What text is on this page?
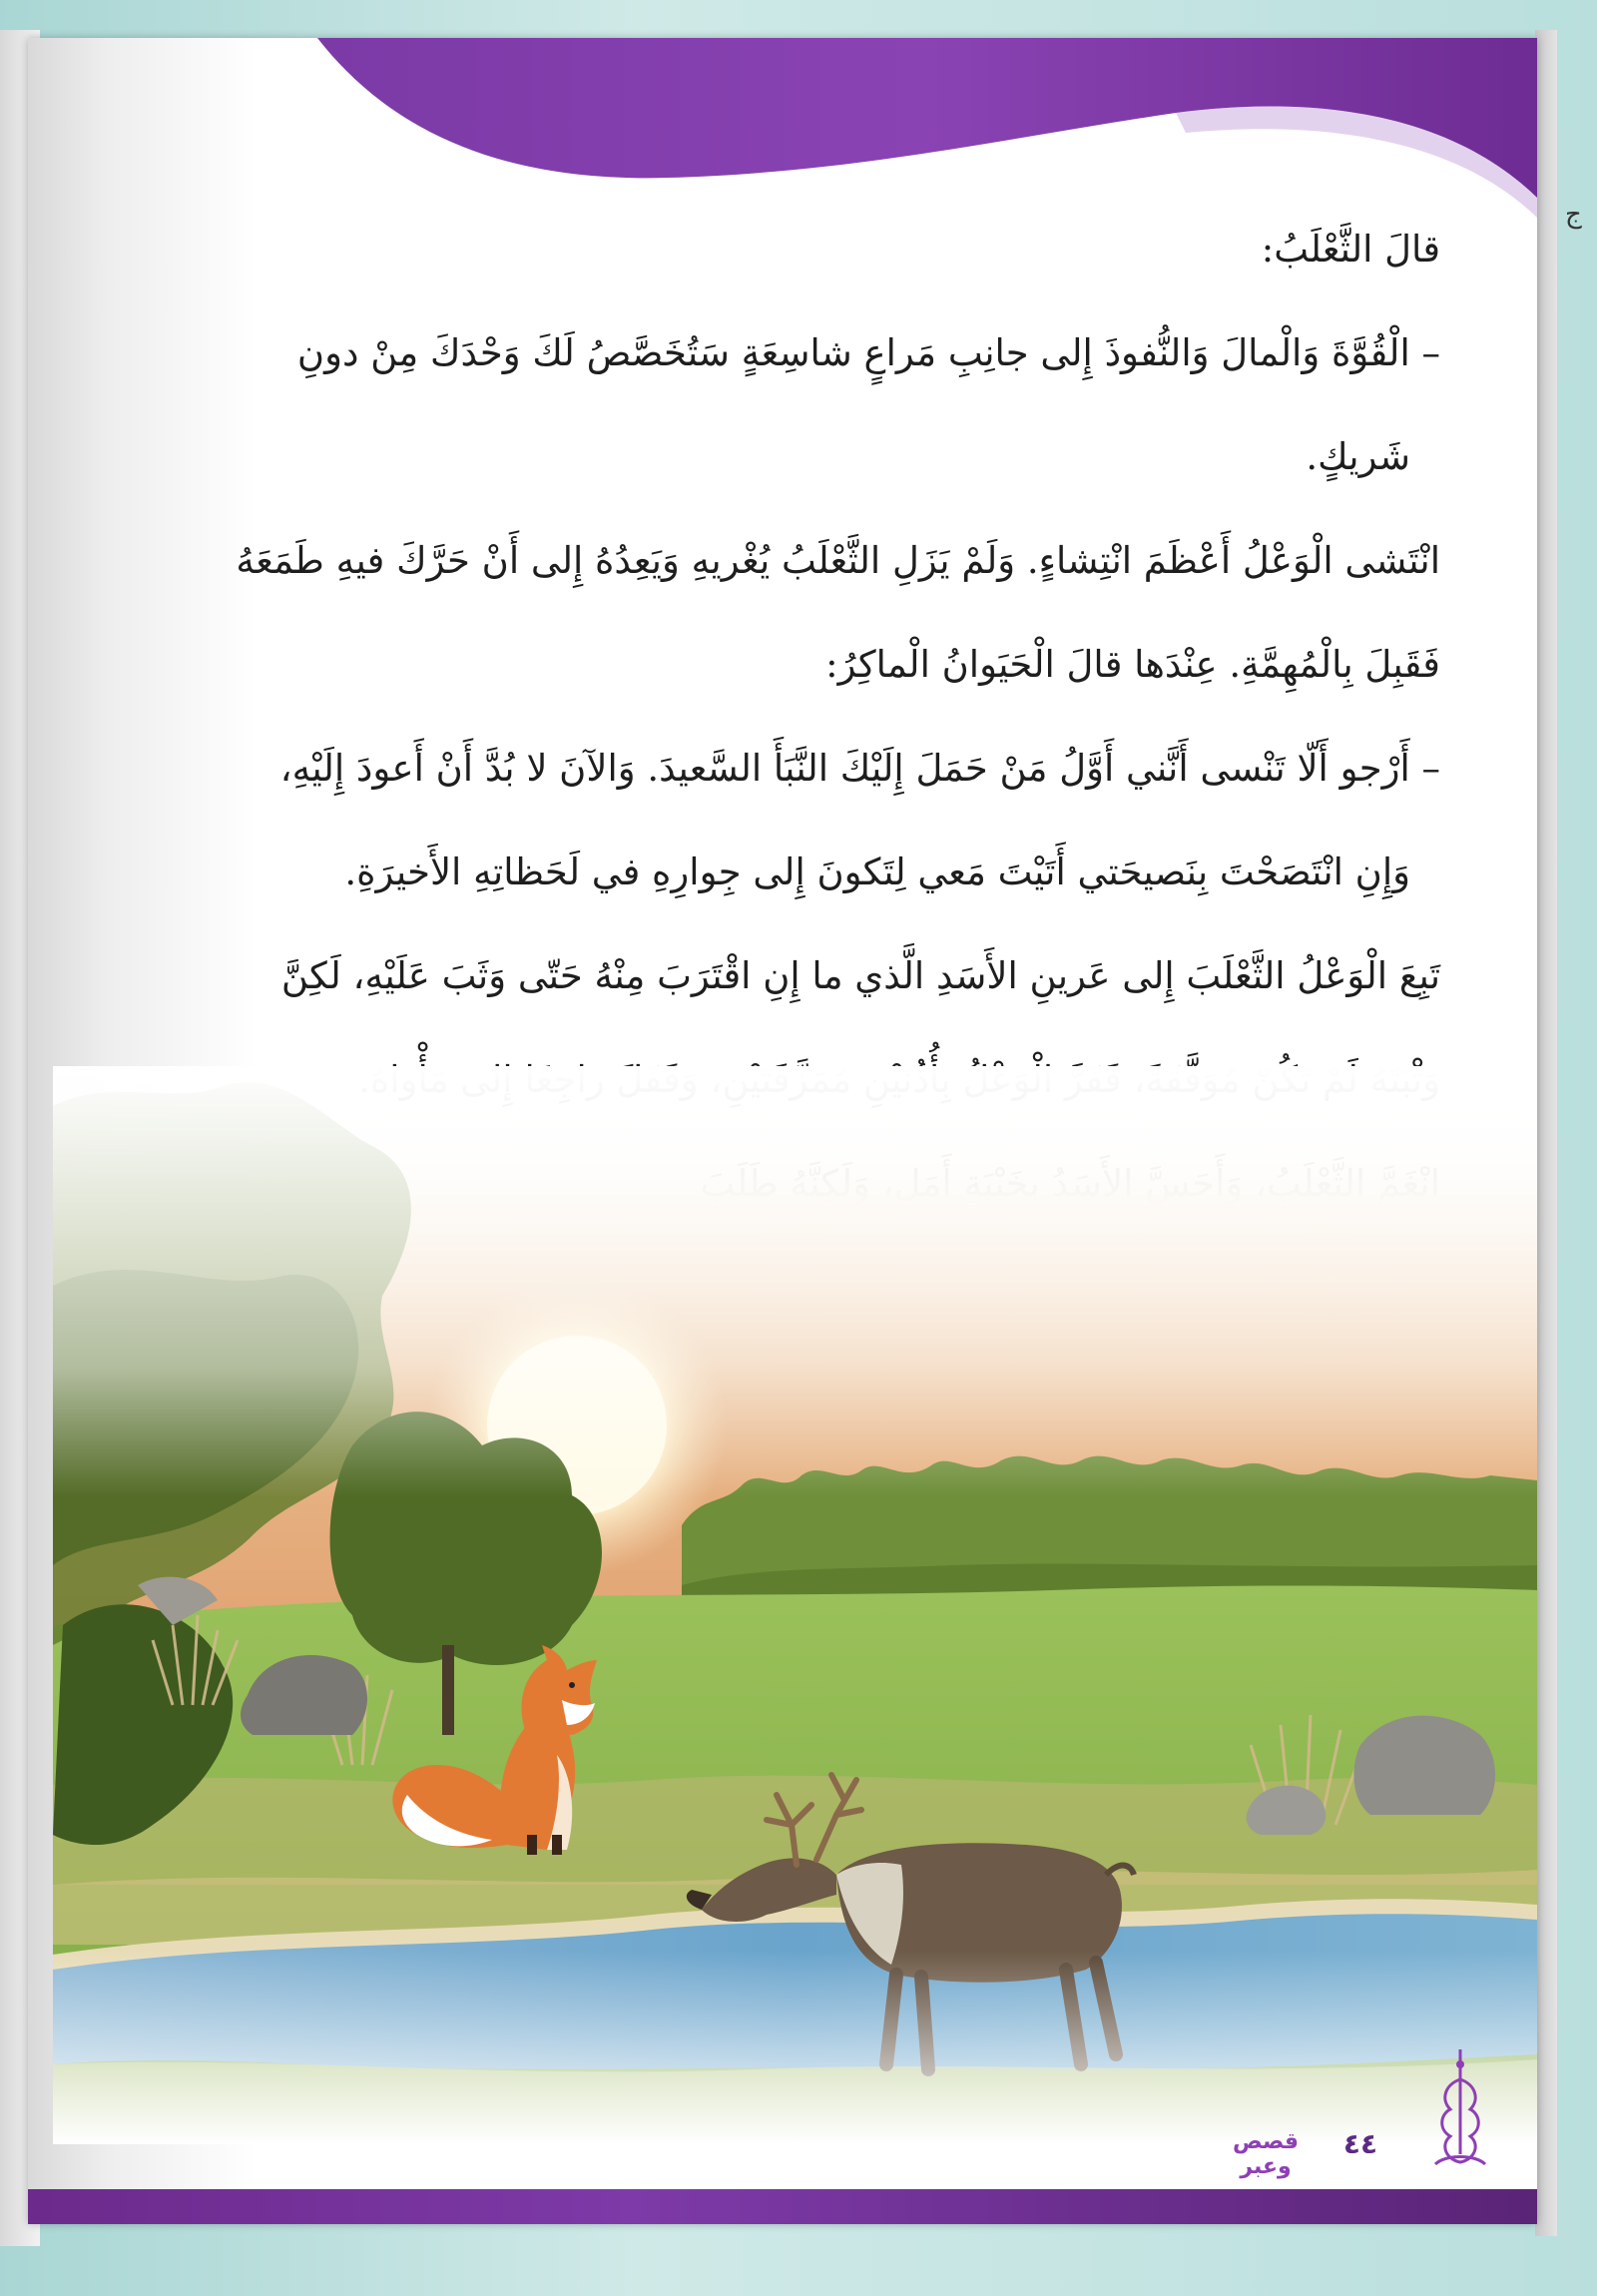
ج

قالَ الثَّعْلَبُ:

– الْقُوَّةَ وَالْمالَ وَالنُّفوذَ إِلى جانِبِ مَراعٍ شاسِعَةٍ سَتُخَصَّصُ لَكَ وَحْدَكَ مِنْ دونِ

شَريكٍ.

انْتَشى الْوَعْلُ أَعْظَمَ انْتِشاءٍ. وَلَمْ يَزَلِ الثَّعْلَبُ يُغْريهِ وَيَعِدُهُ إِلى أَنْ حَرَّكَ فيهِ طَمَعَهُ

فَقَبِلَ بِالْمُهِمَّةِ. عِنْدَها قالَ الْحَيَوانُ الْماكِرُ:

– أَرْجو أَلّا تَنْسى أَنَّني أَوَّلُ مَنْ حَمَلَ إِلَيْكَ النَّبَأَ السَّعيدَ. وَالآنَ لا بُدَّ أَنْ أَعودَ إِلَيْهِ،

وَإِنِ انْتَصَحْتَ بِنَصيحَتي أَتَيْتَ مَعي لِتَكونَ إِلى جِوارِهِ في لَحَظاتِهِ الأَخيرَةِ.

تَبِعَ الْوَعْلُ الثَّعْلَبَ إِلى عَرينِ الأَسَدِ الَّذي ما إِنِ اقْتَرَبَ مِنْهُ حَتّى وَثَبَ عَلَيْهِ، لَكِنَّ

٤٤
قصص وعبر
